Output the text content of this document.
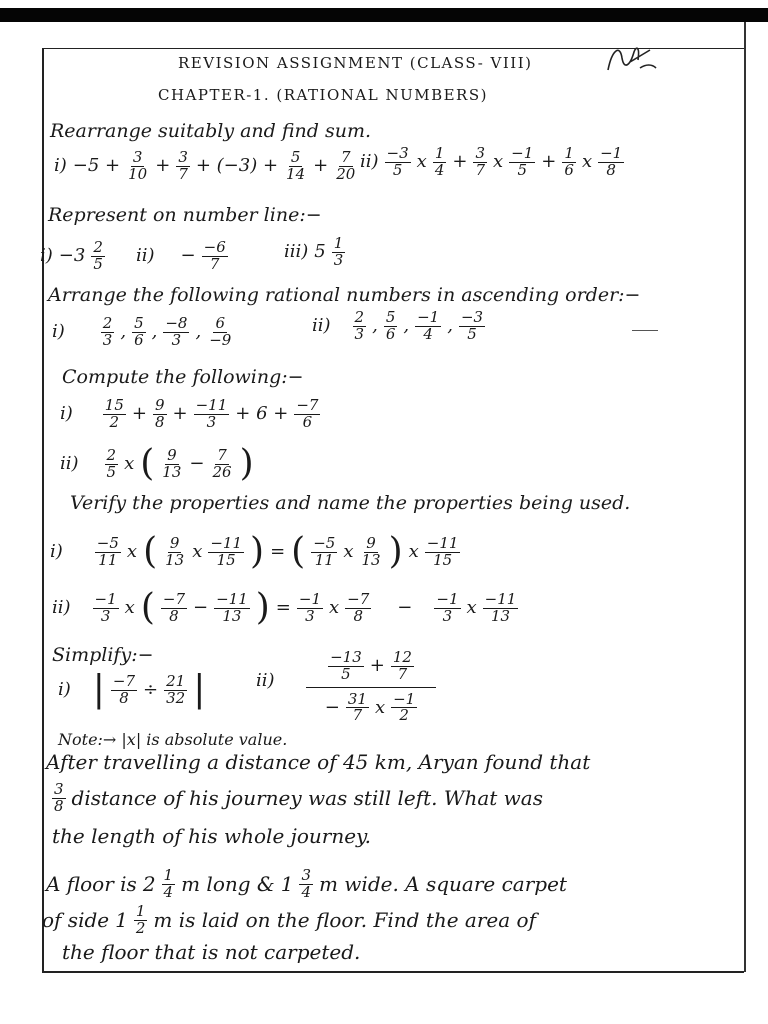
REVISION ASSIGNMENT (CLASS- VIII)
CHAPTER-1. (RATIONAL NUMBERS)
Rearrange suitably and find sum.
$i) -5 + \frac{3}{10} + \frac{3}{7} + (-3) + \frac{5}{14} + \frac{7}{20} ii) \frac{-3}{5}$ x $\frac{1}{4} + \frac{3}{7}$ x $\frac{-1}{5} + \frac{1}{6}$ x $\frac{-1}{8}$
Represent on number line:−
$i) -3 \frac{2}{5} ii) - \frac{-6}{7}$	iii) $5 \frac{1}{3}$
Arrange the following rational numbers in ascending order:−
$i) \frac{2}{3}$ , $\frac{5}{6}$ , $\frac{-8}{3}$ , $\frac{6}{-9}$	$ii) \frac{2}{3}$ , $\frac{5}{6}$ , $\frac{-1}{4}$ , $\frac{-3}{5}$
Compute the following:−
$i) \frac{15}{2} + \frac{9}{8} + \frac{-11}{3} + 6 + \frac{-7}{6}$
$ii) \frac{2}{5}$ x ( $\frac{9}{13} - \frac{7}{26}$ )
Verify the properties and name the properties being used.
$i) \frac{-5}{11}$ x ( $\frac{9}{13}$ x $\frac{-11}{15}$ ) = ( $\frac{-5}{11}$ x $\frac{9}{13}$ ) x $\frac{-11}{15}$
$ii) \frac{-1}{3}$ x ( $\frac{-7}{8} - \frac{-11}{13}$ ) = $\frac{-1}{3}$ x $\frac{-7}{8} - \frac{-1}{3}$ x $\frac{-11}{13}$
Simplify:−
i) | $\frac{-7}{8} \div \frac{21}{32}$ |	ii)	$\frac{-13}{5} + \frac{12}{7}$
− $\frac{31}{7}$ x $\frac{-1}{2}$
Note:→ |x| is absolute value.
After travelling a distance of 45 km, Aryan found that
$\frac{3}{8}$ distance of his journey was still left. What was
the length of his whole journey.
A floor is $2 \frac{1}{4}$ m long & $1 \frac{3}{4}$ m wide. A square carpet
of side $1 \frac{1}{2}$ m is laid on the floor. Find the area of
the floor that is not carpeted.
